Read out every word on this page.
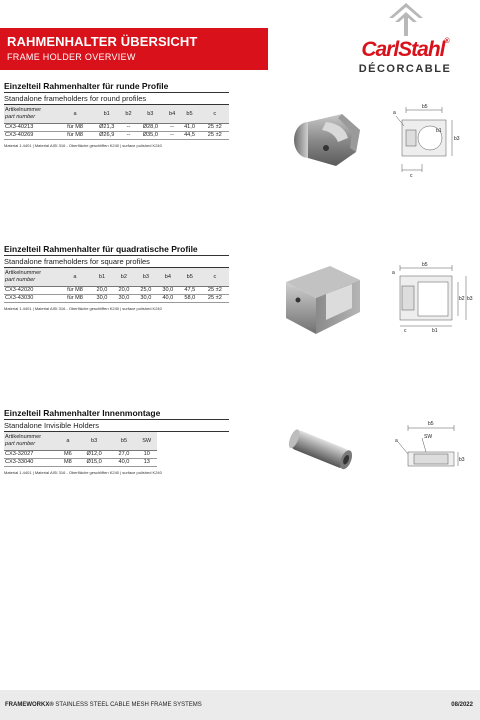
RAHMENHALTER ÜBERSICHT
FRAME HOLDER OVERVIEW	CarlStahl®
DÉCORCABLE
Einzelteil Rahmenhalter für runde Profile
Standalone frameholders for round profiles
Artikelnummer
part number	a	b1	b2	b3	b4	b5	c
CX3-40213	für M8	Ø21,3	--	Ø28,0	--	41,0	25 ±2
CX3-40269	für M8	Ø26,9	--	Ø35,0	--	44,5	25 ±2
Material 1.4401 | Material AISI 316 - Oberfläche geschliffen K240 | surface polished K240
b5
a
b1
b3
c
Einzelteil Rahmenhalter für quadratische Profile
Standalone frameholders for square profiles
Artikelnummer
part number	a	b1	b2	b3	b4	b5	c
CX3-42020	für M8	20,0	20,0	25,0	30,0	47,5	25 ±2
CX3-43030	für M8	30,0	30,0	30,0	40,0	58,0	25 ±2
Material 1.4401 | Material AISI 316 - Oberfläche geschliffen K240 | surface polished K240
b5
a
b2 b3
c	b1
Einzelteil Rahmenhalter Innenmontage
Standalone Invisible Holders
Artikelnummer
part number	a	b3	b5	SW
CX3-32027	M6	Ø12,0	27,0	10
CX3-33040	M8	Ø15,0	40,0	13
Material 1.4401 | Material AISI 316 - Oberfläche geschliffen K240 | surface polished K240
b5
a
SW
b3
FRAMEWORKX® STAINLESS STEEL CABLE MESH FRAME SYSTEMS	08/2022
